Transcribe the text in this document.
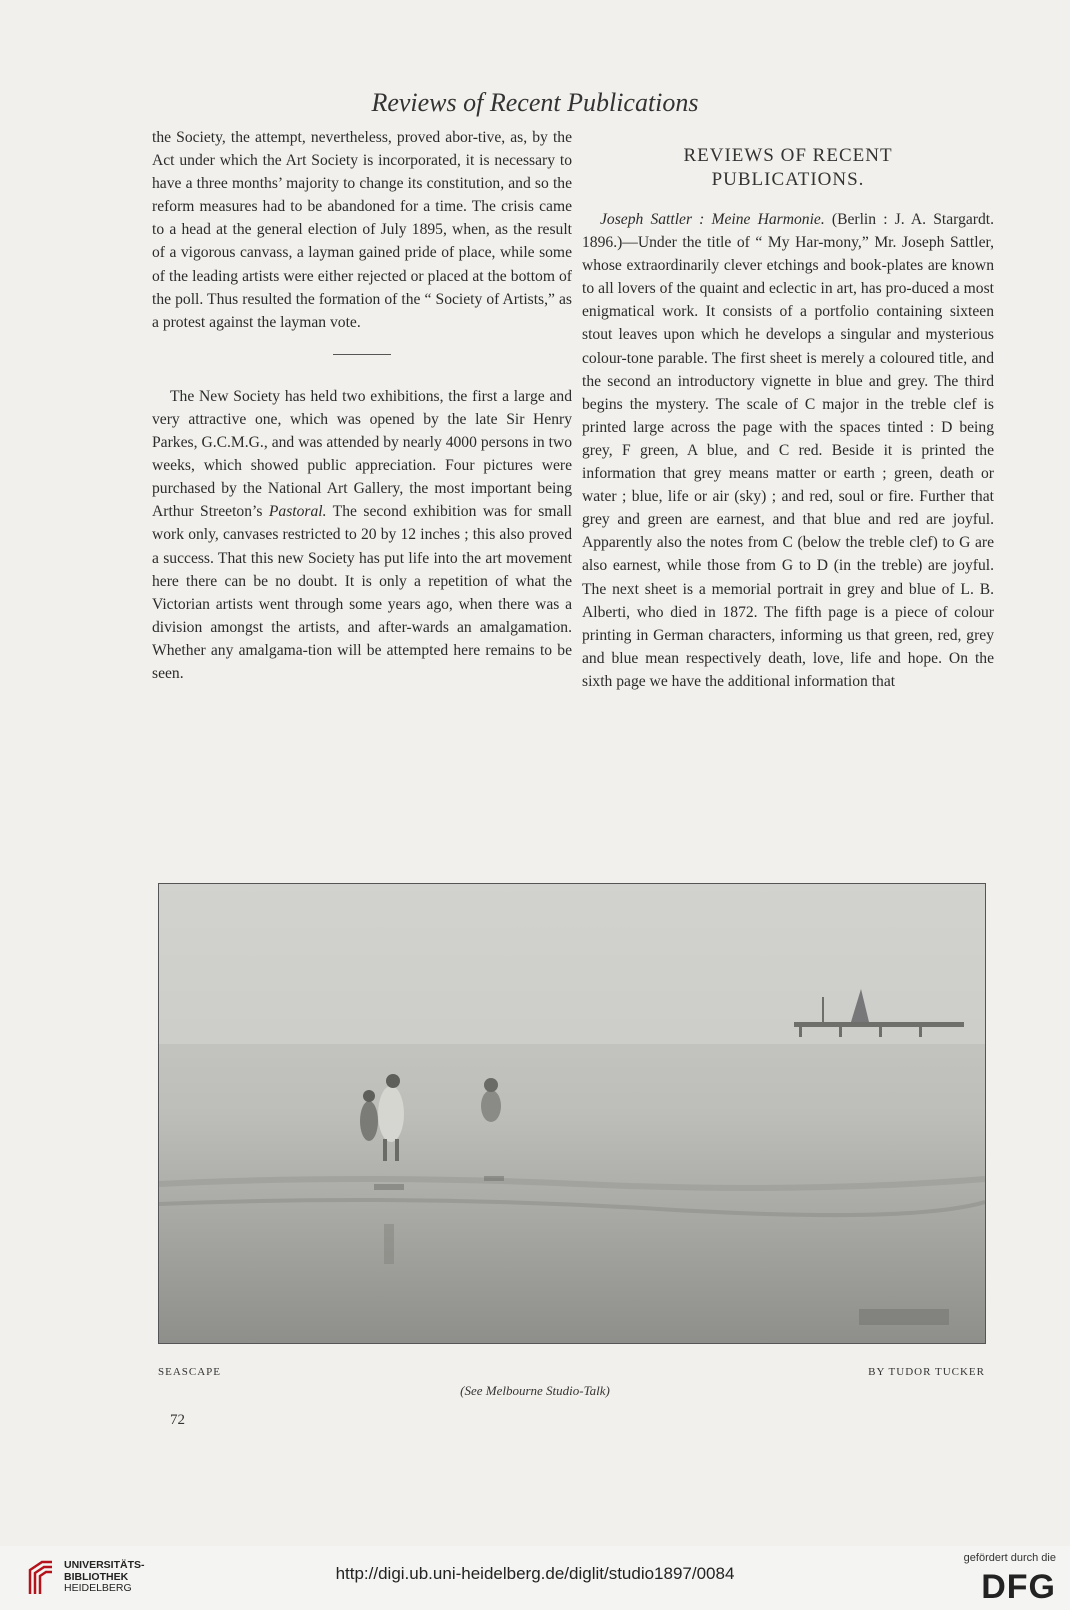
Reviews of Recent Publications

the Society, the attempt, nevertheless, proved abor-tive, as, by the Act under which the Art Society is incorporated, it is necessary to have a three months’ majority to change its constitution, and so the reform measures had to be abandoned for a time. The crisis came to a head at the general election of July 1895, when, as the result of a vigorous canvass, a layman gained pride of place, while some of the leading artists were either rejected or placed at the bottom of the poll. Thus resulted the formation of the “ Society of Artists,” as a protest against the layman vote.

The New Society has held two exhibitions, the first a large and very attractive one, which was opened by the late Sir Henry Parkes, G.C.M.G., and was attended by nearly 4000 persons in two weeks, which showed public appreciation. Four pictures were purchased by the National Art Gallery, the most important being Arthur Streeton’s Pastoral. The second exhibition was for small work only, canvases restricted to 20 by 12 inches ; this also proved a success. That this new Society has put life into the art movement here there can be no doubt. It is only a repetition of what the Victorian artists went through some years ago, when there was a division amongst the artists, and after-wards an amalgamation. Whether any amalgama-tion will be attempted here remains to be seen.

REVIEWS OF RECENT
PUBLICATIONS.

Joseph Sattler : Meine Harmonie. (Berlin : J. A. Stargardt. 1896.)—Under the title of “ My Har-mony,” Mr. Joseph Sattler, whose extraordinarily clever etchings and book-plates are known to all lovers of the quaint and eclectic in art, has pro-duced a most enigmatical work. It consists of a portfolio containing sixteen stout leaves upon which he develops a singular and mysterious colour-tone parable. The first sheet is merely a coloured title, and the second an introductory vignette in blue and grey. The third begins the mystery. The scale of C major in the treble clef is printed large across the page with the spaces tinted : D being grey, F green, A blue, and C red. Beside it is printed the information that grey means matter or earth ; green, death or water ; blue, life or air (sky) ; and red, soul or fire. Further that grey and green are earnest, and that blue and red are joyful. Apparently also the notes from C (below the treble clef) to G are also earnest, while those from G to D (in the treble) are joyful. The next sheet is a memorial portrait in grey and blue of L. B. Alberti, who died in 1872. The fifth page is a piece of colour printing in German characters, informing us that green, red, grey and blue mean respectively death, love, life and hope. On the sixth page we have the additional information that

SEASCAPE	BY TUDOR TUCKER
(See Melbourne Studio-Talk)
72
UNIVERSITÄTS-
BIBLIOTHEK
HEIDELBERG
http://digi.ub.uni-heidelberg.de/diglit/studio1897/0084
gefördert durch die
DFG
